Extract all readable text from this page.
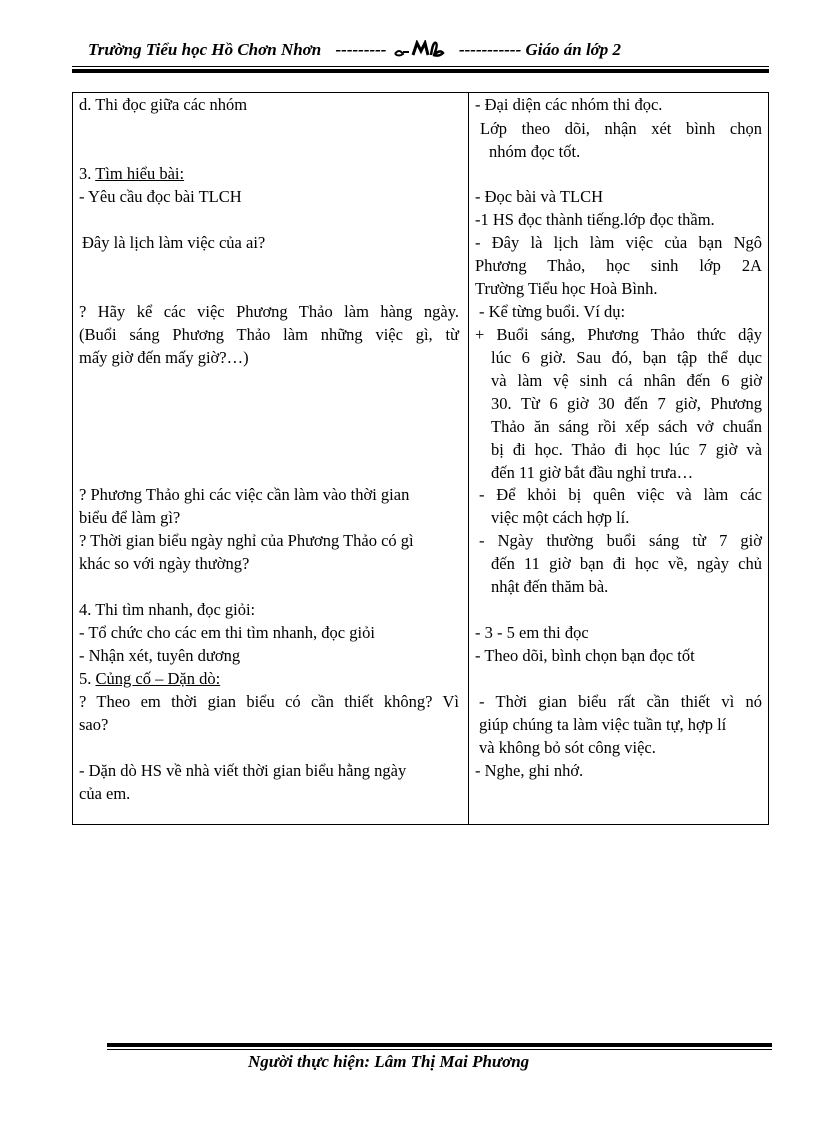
Trường Tiểu học Hồ Chơn Nhơn ---------	----------- Giáo án lớp 2
d. Thi đọc giữa các nhóm
3. Tìm hiểu bài:
- Yêu cầu đọc bài TLCH
Đây là lịch làm việc của ai?
? Hãy kể các việc Phương Thảo làm hàng ngày.
(Buổi sáng Phương Thảo làm những việc gì, từ
mấy giờ đến mấy giờ?…)
? Phương Thảo ghi các việc cần làm vào thời gian
biểu để làm gì?
? Thời gian biểu ngày nghỉ của Phương Thảo có gì
khác so với ngày thường?
4. Thi tìm nhanh, đọc giỏi:
- Tổ chức cho các em thi tìm nhanh, đọc giỏi
- Nhận xét, tuyên dương
5. Củng cố – Dặn dò:
? Theo em thời gian biểu có cần thiết không? Vì
sao?
- Dặn dò HS về nhà viết thời gian biểu hằng ngày
của em.
- Đại diện các nhóm thi đọc.
Lớp theo dõi, nhận xét bình chọn
nhóm đọc tốt.
- Đọc bài và TLCH
-1 HS đọc thành tiếng.lớp đọc thầm.
- Đây là lịch làm việc của bạn Ngô
Phương Thảo, học sinh lớp 2A
Trường Tiểu học Hoà Bình.
- Kể từng buổi. Ví dụ:
+ Buổi sáng, Phương Thảo thức dậy
lúc 6 giờ. Sau đó, bạn tập thể dục
và làm vệ sinh cá nhân đến 6 giờ
30. Từ 6 giờ 30 đến 7 giờ, Phương
Thảo ăn sáng rồi xếp sách vở chuẩn
bị đi học. Thảo đi học lúc 7 giờ và
đến 11 giờ bắt đầu nghỉ trưa…
- Để khỏi bị quên việc và làm các
việc một cách hợp lí.
- Ngày thường buổi sáng từ 7 giờ
đến 11 giờ bạn đi học về, ngày chủ
nhật đến thăm bà.
- 3 - 5 em thi đọc
- Theo dõi, bình chọn bạn đọc tốt
- Thời gian biểu rất cần thiết vì nó
giúp chúng ta làm việc tuần tự, hợp lí
và không bỏ sót công việc.
- Nghe, ghi nhớ.
Người thực hiện: Lâm Thị Mai Phương
